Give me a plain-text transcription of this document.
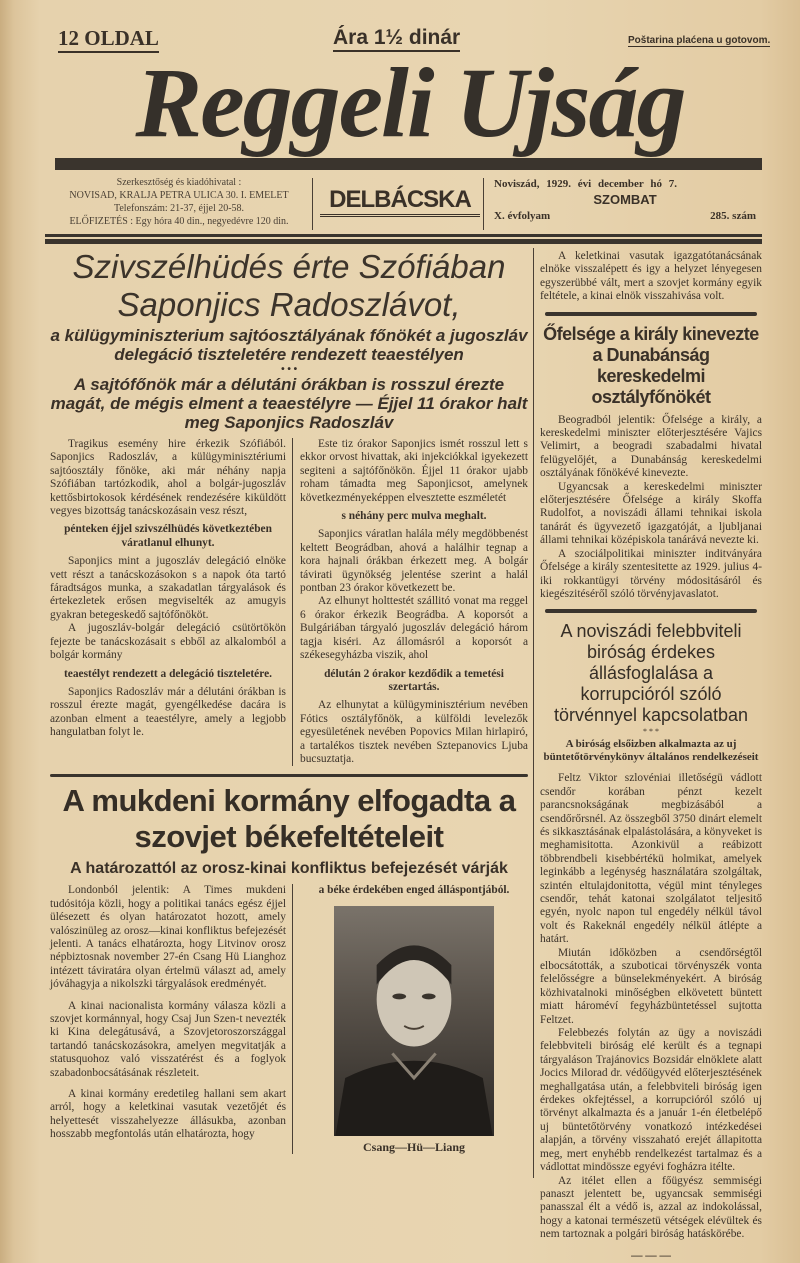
12 OLDAL	Ára 1½ dinár	Poštarina plaćena u gotovom.
Reggeli Ujság
Szerkesztőség és kiadóhivatal :
NOVISAD, KRALJA PETRA ULICA 30. I. EMELET
Telefonszám: 21-37, éjjel 20-58.
ELŐFIZETÉS : Egy hóra 40 din., negyedévre 120 din.
DELBÁCSKA
Noviszád, 1929. évi december hó 7.
SZOMBAT
X. évfolyam	285. szám
Szivszélhüdés érte Szófiában Saponjics Radoszlávot,
a külügyminiszterium sajtóosztályának főnökét a jugoszláv delegáció tiszteletére rendezett teaestélyen
• • •
A sajtófőnök már a délutáni órákban is rosszul érezte magát, de mégis elment a teaestélyre — Éjjel 11 órakor halt meg Saponjics Radoszláv

Tragikus esemény hire érkezik Szófiából. Saponjics Radoszláv, a külügyminisztériumi sajtóosztály főnöke, aki már néhány napja Szófiában tartózkodik, ahol a bolgár-jugoszláv kettősbirtokosok kérdésének rendezésére kiküldött vegyes bizottság tanácskozásain vesz részt,

pénteken éjjel szivszélhüdés következtében váratlanul elhunyt.

Saponjics mint a jugoszláv delegáció elnöke vett részt a tanácskozásokon s a napok óta tartó fáradtságos munka, a szakadatlan tárgyalások és értekezletek erősen megviselték az amugyis gyakran betegeskedő sajtófőnököt.

A jugoszláv-bolgár delegáció csütörtökön fejezte be tanácskozásait s ebből az alkalomból a bolgár kormány

teaestélyt rendezett a delegáció tiszteletére.

Saponjics Radoszláv már a délutáni órákban is rosszul érezte magát, gyengélkedése dacára is azonban elment a teaestélyre, amely a legjobb hangulatban folyt le.

Este tiz órakor Saponjics ismét rosszul lett s ekkor orvost hivattak, aki injekciókkal igyekezett segiteni a sajtófőnökön. Éjjel 11 órakor ujabb roham támadta meg Saponjicsot, amelynek következményeképpen elvesztette eszméletét

s néhány perc mulva meghalt.

Saponjics váratlan halála mély megdöbbenést keltett Beográdban, ahová a halálhir tegnap a kora hajnali órákban érkezett meg. A bolgár távirati ügynökség jelentése szerint a halál pontban 23 órakor következett be.

Az elhunyt holttestét szállitó vonat ma reggel 6 órakor érkezik Beográdba. A koporsót a Bulgáriában tárgyaló jugoszláv delegáció három tagja kiséri. Az állomásról a koporsót a székesegyházba viszik, ahol

délután 2 órakor kezdődik a temetési szertartás.

Az elhunytat a külügyminisztérium nevében Fótics osztályfőnök, a külföldi levelezők egyesületének nevében Popovics Milan hirlapiró, a tartalékos tisztek nevében Sztepanovics Ljuba bucsuztatja.

A mukdeni kormány elfogadta a szovjet békefeltételeit
A határozattól az orosz-kinai konfliktus befejezését várják

Londonból jelentik: A Times mukdeni tudósitója közli, hogy a politikai tanács egész éjjel ülésezett és olyan határozatot hozott, amely valószinüleg az orosz—kinai konfliktus befejezését jelenti. A tanács elhatározta, hogy Litvinov orosz népbiztosnak november 27-én Csang Hü Lianghoz intézett táviratára olyan értelmü választ ad, amely jóváhagyja a nikolszki tárgyalások eredményét.

A kinai nacionalista kormány válasza közli a szovjet kormánnyal, hogy Csaj Jun Szen-t nevezték ki Kina delegátusává, a Szovjetoroszországgal tartandó tanácskozásokra, amelyen megvitatják a statusquohoz való visszatérést és a foglyok szabadonbocsátásának részleteit.

A kinai kormány eredetileg hallani sem akart arról, hogy a keletkinai vasutak vezetőjét és helyettesét visszahelyezze állásukba, azonban hosszabb megfontolás után elhatározta, hogy

a béke érdekében enged álláspontjából.

Csang—Hü—Liang

A keletkinai vasutak igazgatótanácsának elnöke visszalépett és igy a helyzet lényegesen egyszerübbé vált, mert a szovjet kormány egyik feltétele, a kinai elnök visszahivása volt.

Őfelsége a király kinevezte a Dunabánság kereskedelmi osztályfőnökét

Beogradból jelentik: Őfelsége a király, a kereskedelmi miniszter előterjesztésére Vajics Velimirt, a beogradi szabadalmi hivatal felügyelőjét, a Dunabánság kereskedelmi osztályának főnökévé kinevezte.

Ugyancsak a kereskedelmi miniszter előterjesztésére Őfelsége a király Skoffa Rudolfot, a noviszádi állami tehnikai iskola tanárát és ügyvezető igazgatóját, a ljubljanai állami tehnikai középiskola tanárává nevezte ki.

A szociálpolitikai miniszter inditványára Őfelsége a király szentesitette az 1929. julius 4-iki rokkantügyi törvény módositásáról és kiegészitéséről szóló törvényjavaslatot.

A noviszádi felebbviteli biróság érdekes állásfoglalása a korrupcióról szóló törvénnyel kapcsolatban
* * *
A biróság elsőizben alkalmazta az uj büntetőtörvénykönyv általános rendelkezéseit

Feltz Viktor szlovéniai illetőségü vádlott csendőr korában pénzt kezelt parancsnokságának megbizásából a csendőrőrsnél. Az összegből 3750 dinárt elemelt és sikkasztásának elpalástolására, a könyveket is meghamisitotta. Azonkivül a reábizott többrendbeli kisebbértékü holmikat, amelyek leginkább a legénység használatára szolgáltak, szintén eltulajdonitotta, végül mint tényleges csendőr, tehát katonai szolgálatot teljesitő egyén, nyolc napon tul engedély nélkül távol volt és Rakeknál engedély nélkül átlépte a határt.

Miután időközben a csendőrségtől elbocsátották, a szuboticai törvényszék vonta felelősségre a bünselekményekért. A biróság közhivatalnoki minőségben elkövetett büntett miatt hároméví fegyházbüntetéssel sujtotta Feltzet.

Felebbezés folytán az ügy a noviszádi felebbviteli biróság elé került és a tegnapi tárgyaláson Trajánovics Bozsidár elnöklete alatt Jocics Milorad dr. védőügyvéd előterjesztésének meghallgatása után, a felebbviteli biróság igen érdekes okfejtéssel, a korrupcióról szóló uj törvényt alkalmazta és a január 1-én életbelépő uj büntetőtörvény vonatkozó intézkedései alapján, a törvény visszaható erejét állapitotta meg, mert enyhébb rendelkezést tartalmaz és a vádlottat mindössze egyévi fogházra itélte.

Az itélet ellen a főügyész semmiségi panaszt jelentett be, ugyancsak semmiségi panasszal élt a védő is, azzal az indokolással, hogy a katonai természetü vétségek elévültek és nem tartoznak a polgári biróság hatáskörébe.

— — —
